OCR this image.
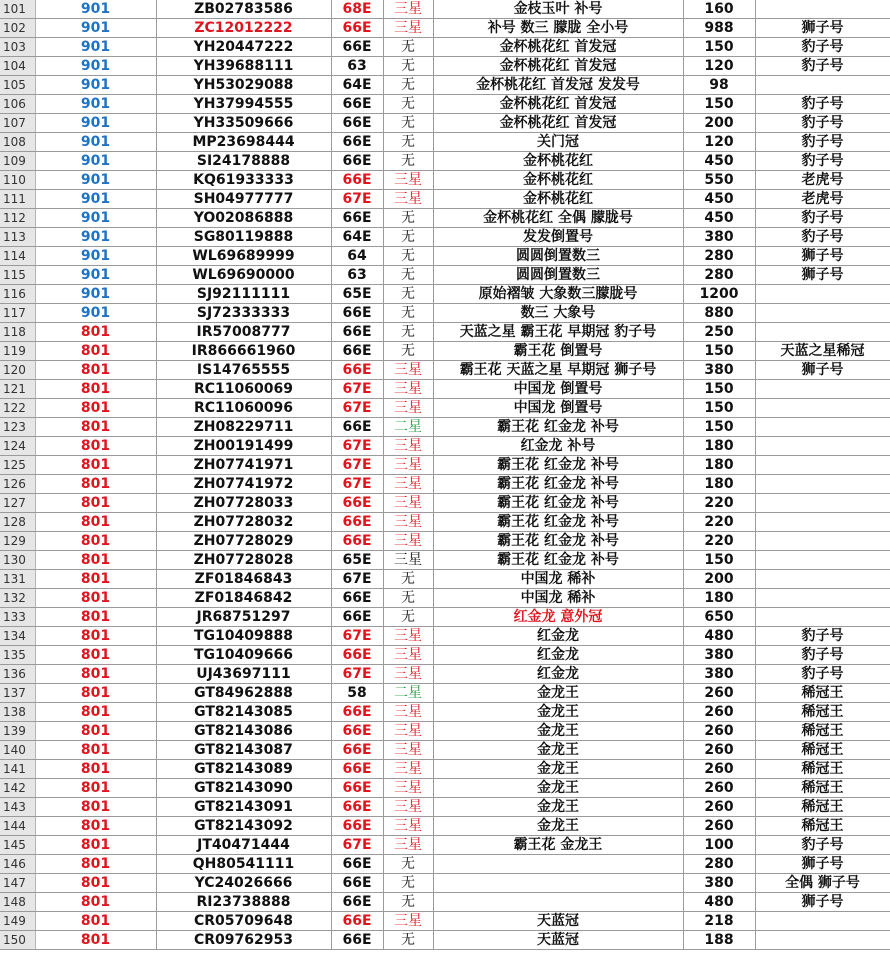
101	901	ZB02783586	68E	三星	金枝玉叶 补号	160	
102	901	ZC12012222	66E	三星	补号 数三 朦胧 全小号	988	狮子号
103	901	YH20447222	66E	无	金杯桃花红 首发冠	150	豹子号
104	901	YH39688111	63	无	金杯桃花红 首发冠	120	豹子号
105	901	YH53029088	64E	无	金杯桃花红 首发冠 发发号	98	
106	901	YH37994555	66E	无	金杯桃花红 首发冠	150	豹子号
107	901	YH33509666	66E	无	金杯桃花红 首发冠	200	豹子号
108	901	MP23698444	66E	无	关门冠	120	豹子号
109	901	SI24178888	66E	无	金杯桃花红	450	豹子号
110	901	KQ61933333	66E	三星	金杯桃花红	550	老虎号
111	901	SH04977777	67E	三星	金杯桃花红	450	老虎号
112	901	YO02086888	66E	无	金杯桃花红 全偶 朦胧号	450	豹子号
113	901	SG80119888	64E	无	发发倒置号	380	豹子号
114	901	WL69689999	64	无	圆圆倒置数三	280	狮子号
115	901	WL69690000	63	无	圆圆倒置数三	280	狮子号
116	901	SJ92111111	65E	无	原始褶皱 大象数三朦胧号	1200	
117	901	SJ72333333	66E	无	数三 大象号	880	
118	801	IR57008777	66E	无	天蓝之星 霸王花 早期冠 豹子号	250	
119	801	IR866661960	66E	无	霸王花 倒置号	150	天蓝之星稀冠
120	801	IS14765555	66E	三星	霸王花 天蓝之星 早期冠 狮子号	380	狮子号
121	801	RC11060069	67E	三星	中国龙 倒置号	150	
122	801	RC11060096	67E	三星	中国龙 倒置号	150	
123	801	ZH08229711	66E	二星	霸王花 红金龙 补号	150	
124	801	ZH00191499	67E	三星	红金龙 补号	180	
125	801	ZH07741971	67E	三星	霸王花 红金龙 补号	180	
126	801	ZH07741972	67E	三星	霸王花 红金龙 补号	180	
127	801	ZH07728033	66E	三星	霸王花 红金龙 补号	220	
128	801	ZH07728032	66E	三星	霸王花 红金龙 补号	220	
129	801	ZH07728029	66E	三星	霸王花 红金龙 补号	220	
130	801	ZH07728028	65E	三星	霸王花 红金龙 补号	150	
131	801	ZF01846843	67E	无	中国龙 稀补	200	
132	801	ZF01846842	66E	无	中国龙 稀补	180	
133	801	JR68751297	66E	无	红金龙 意外冠	650	
134	801	TG10409888	67E	三星	红金龙	480	豹子号
135	801	TG10409666	66E	三星	红金龙	380	豹子号
136	801	UJ43697111	67E	三星	红金龙	380	豹子号
137	801	GT84962888	58	二星	金龙王	260	稀冠王
138	801	GT82143085	66E	三星	金龙王	260	稀冠王
139	801	GT82143086	66E	三星	金龙王	260	稀冠王
140	801	GT82143087	66E	三星	金龙王	260	稀冠王
141	801	GT82143089	66E	三星	金龙王	260	稀冠王
142	801	GT82143090	66E	三星	金龙王	260	稀冠王
143	801	GT82143091	66E	三星	金龙王	260	稀冠王
144	801	GT82143092	66E	三星	金龙王	260	稀冠王
145	801	JT40471444	67E	三星	霸王花 金龙王	100	豹子号
146	801	QH80541111	66E	无		280	狮子号
147	801	YC24026666	66E	无		380	全偶 狮子号
148	801	RI23738888	66E	无		480	狮子号
149	801	CR05709648	66E	三星	天蓝冠	218	
150	801	CR09762953	66E	无	天蓝冠	188	
